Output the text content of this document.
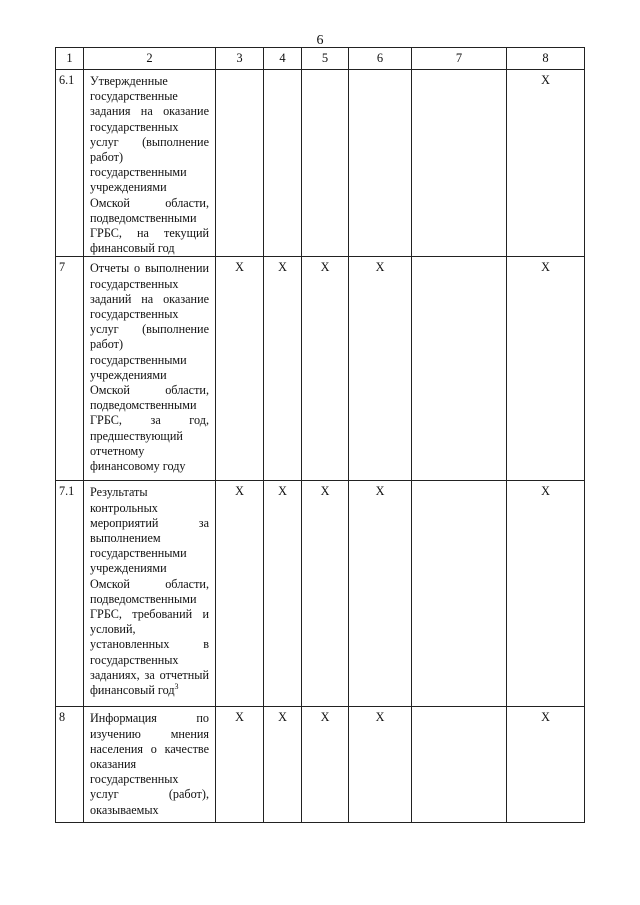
6
1	2	3	4	5	6	7	8
6.1	Утвержденные государственные задания на оказание государственных услуг (выполнение работ) государственными учреждениями Омской области, подведомственными ГРБС, на текущий финансовый год						X
7	Отчеты о выполнении государственных заданий на оказание государственных услуг (выполнение работ) государственными учреждениями Омской области, подведомственными ГРБС, за год, предшествующий отчетному финансовому году	X	X	X	X		X
7.1	Результаты контрольных мероприятий за выполнением государственными учреждениями Омской области, подведомственными ГРБС, требований и условий, установленных в государственных заданиях, за отчетный финансовый год$^3$	X	X	X	X		X
8	Информация по изучению мнения населения о качестве оказания государственных услуг (работ), оказываемых	X	X	X	X		X
